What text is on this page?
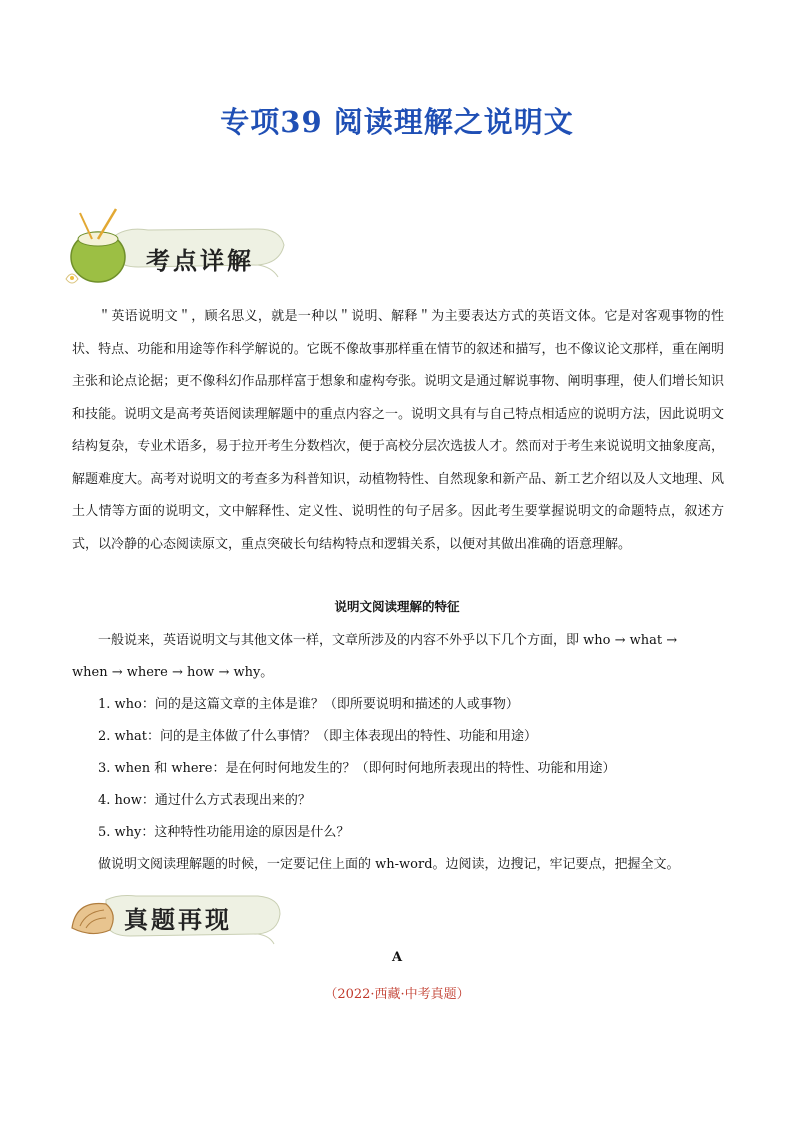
专项39 阅读理解之说明文
考点详解
＂英语说明文＂，顾名思义，就是一种以＂说明、解释＂为主要表达方式的英语文体。它是对客观事物的性状、特点、功能和用途等作科学解说的。它既不像故事那样重在情节的叙述和描写，也不像议论文那样，重在阐明主张和论点论据；更不像科幻作品那样富于想象和虚构夸张。说明文是通过解说事物、阐明事理，使人们增长知识和技能。说明文是高考英语阅读理解题中的重点内容之一。说明文具有与自己特点相适应的说明方法，因此说明文结构复杂，专业术语多，易于拉开考生分数档次，便于高校分层次选拔人才。然而对于考生来说说明文抽象度高，解题难度大。高考对说明文的考查多为科普知识，动植物特性、自然现象和新产品、新工艺介绍以及人文地理、风土人情等方面的说明文，文中解释性、定义性、说明性的句子居多。因此考生要掌握说明文的命题特点，叙述方式，以冷静的心态阅读原文，重点突破长句结构特点和逻辑关系，以便对其做出准确的语意理解。
说明文阅读理解的特征
一般说来，英语说明文与其他文体一样，文章所涉及的内容不外乎以下几个方面，即 who → what →
when → where → how → why。
1. who：问的是这篇文章的主体是谁？（即所要说明和描述的人或事物）
2. what：问的是主体做了什么事情？（即主体表现出的特性、功能和用途）
3. when 和 where：是在何时何地发生的？（即何时何地所表现出的特性、功能和用途）
4. how：通过什么方式表现出来的？
5. why：这种特性功能用途的原因是什么？
做说明文阅读理解题的时候，一定要记住上面的 wh-word。边阅读，边搜记，牢记要点，把握全文。
真题再现
A
（2022·西藏·中考真题）
